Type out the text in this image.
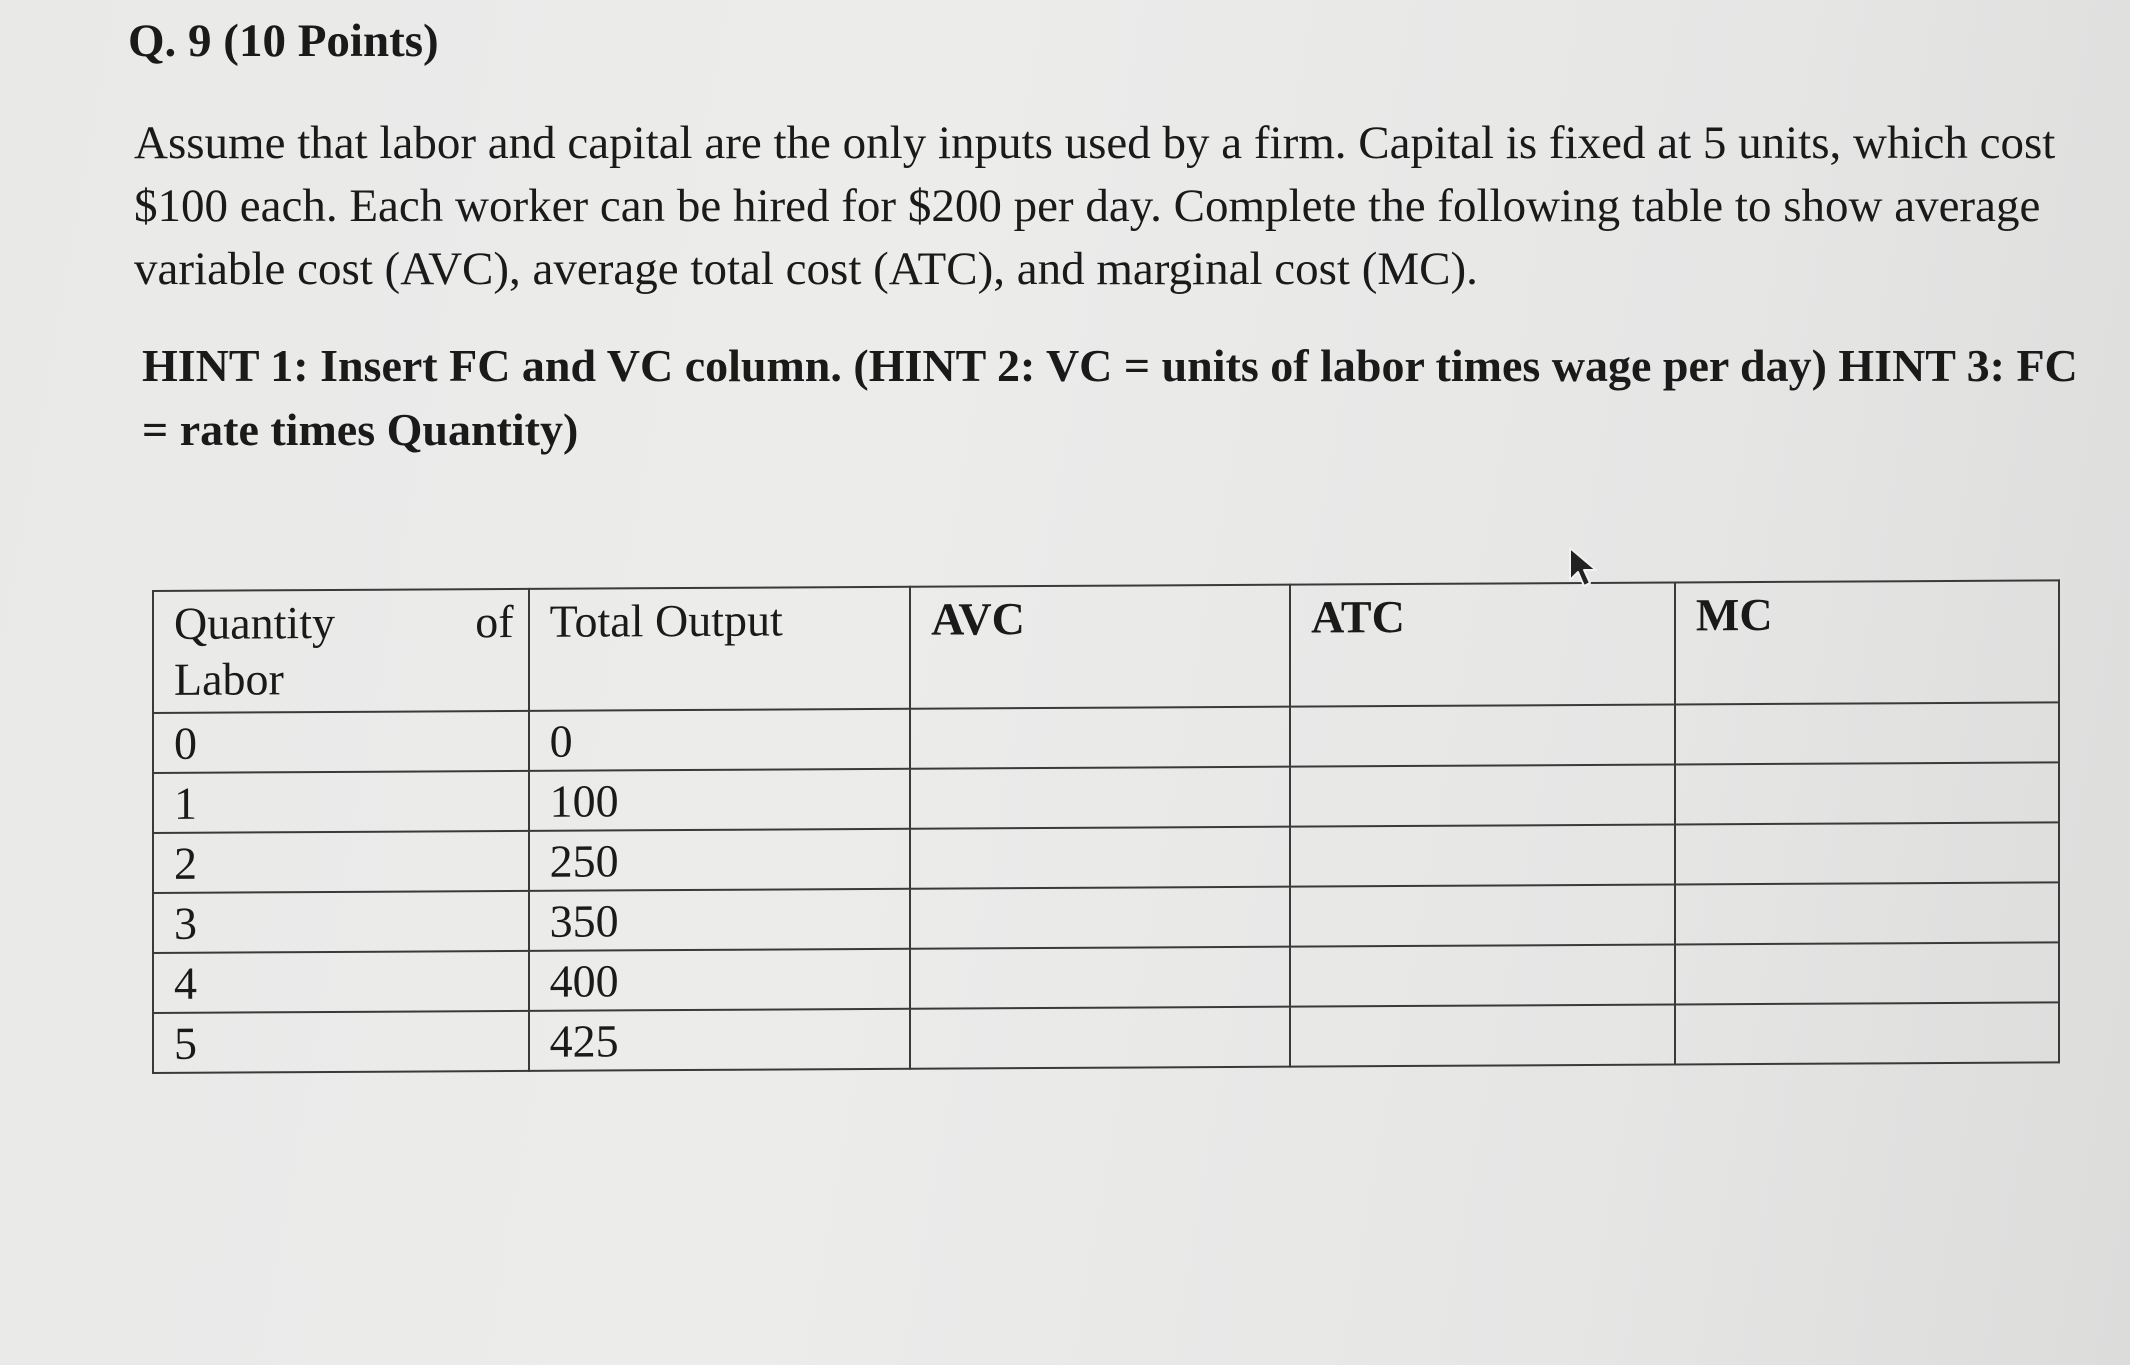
Q. 9 (10 Points)

Assume that labor and capital are the only inputs used by a firm. Capital is fixed at 5 units, which cost $100 each. Each worker can be hired for $200 per day. Complete the following table to show average variable cost (AVC), average total cost (ATC), and marginal cost (MC).

HINT 1: Insert FC and VC column. (HINT 2: VC = units of labor times wage per day) HINT 3: FC = rate times Quantity)

Quantity of
Labor	Total Output	AVC	ATC	MC
0	0			
1	100			
2	250			
3	350			
4	400			
5	425			
